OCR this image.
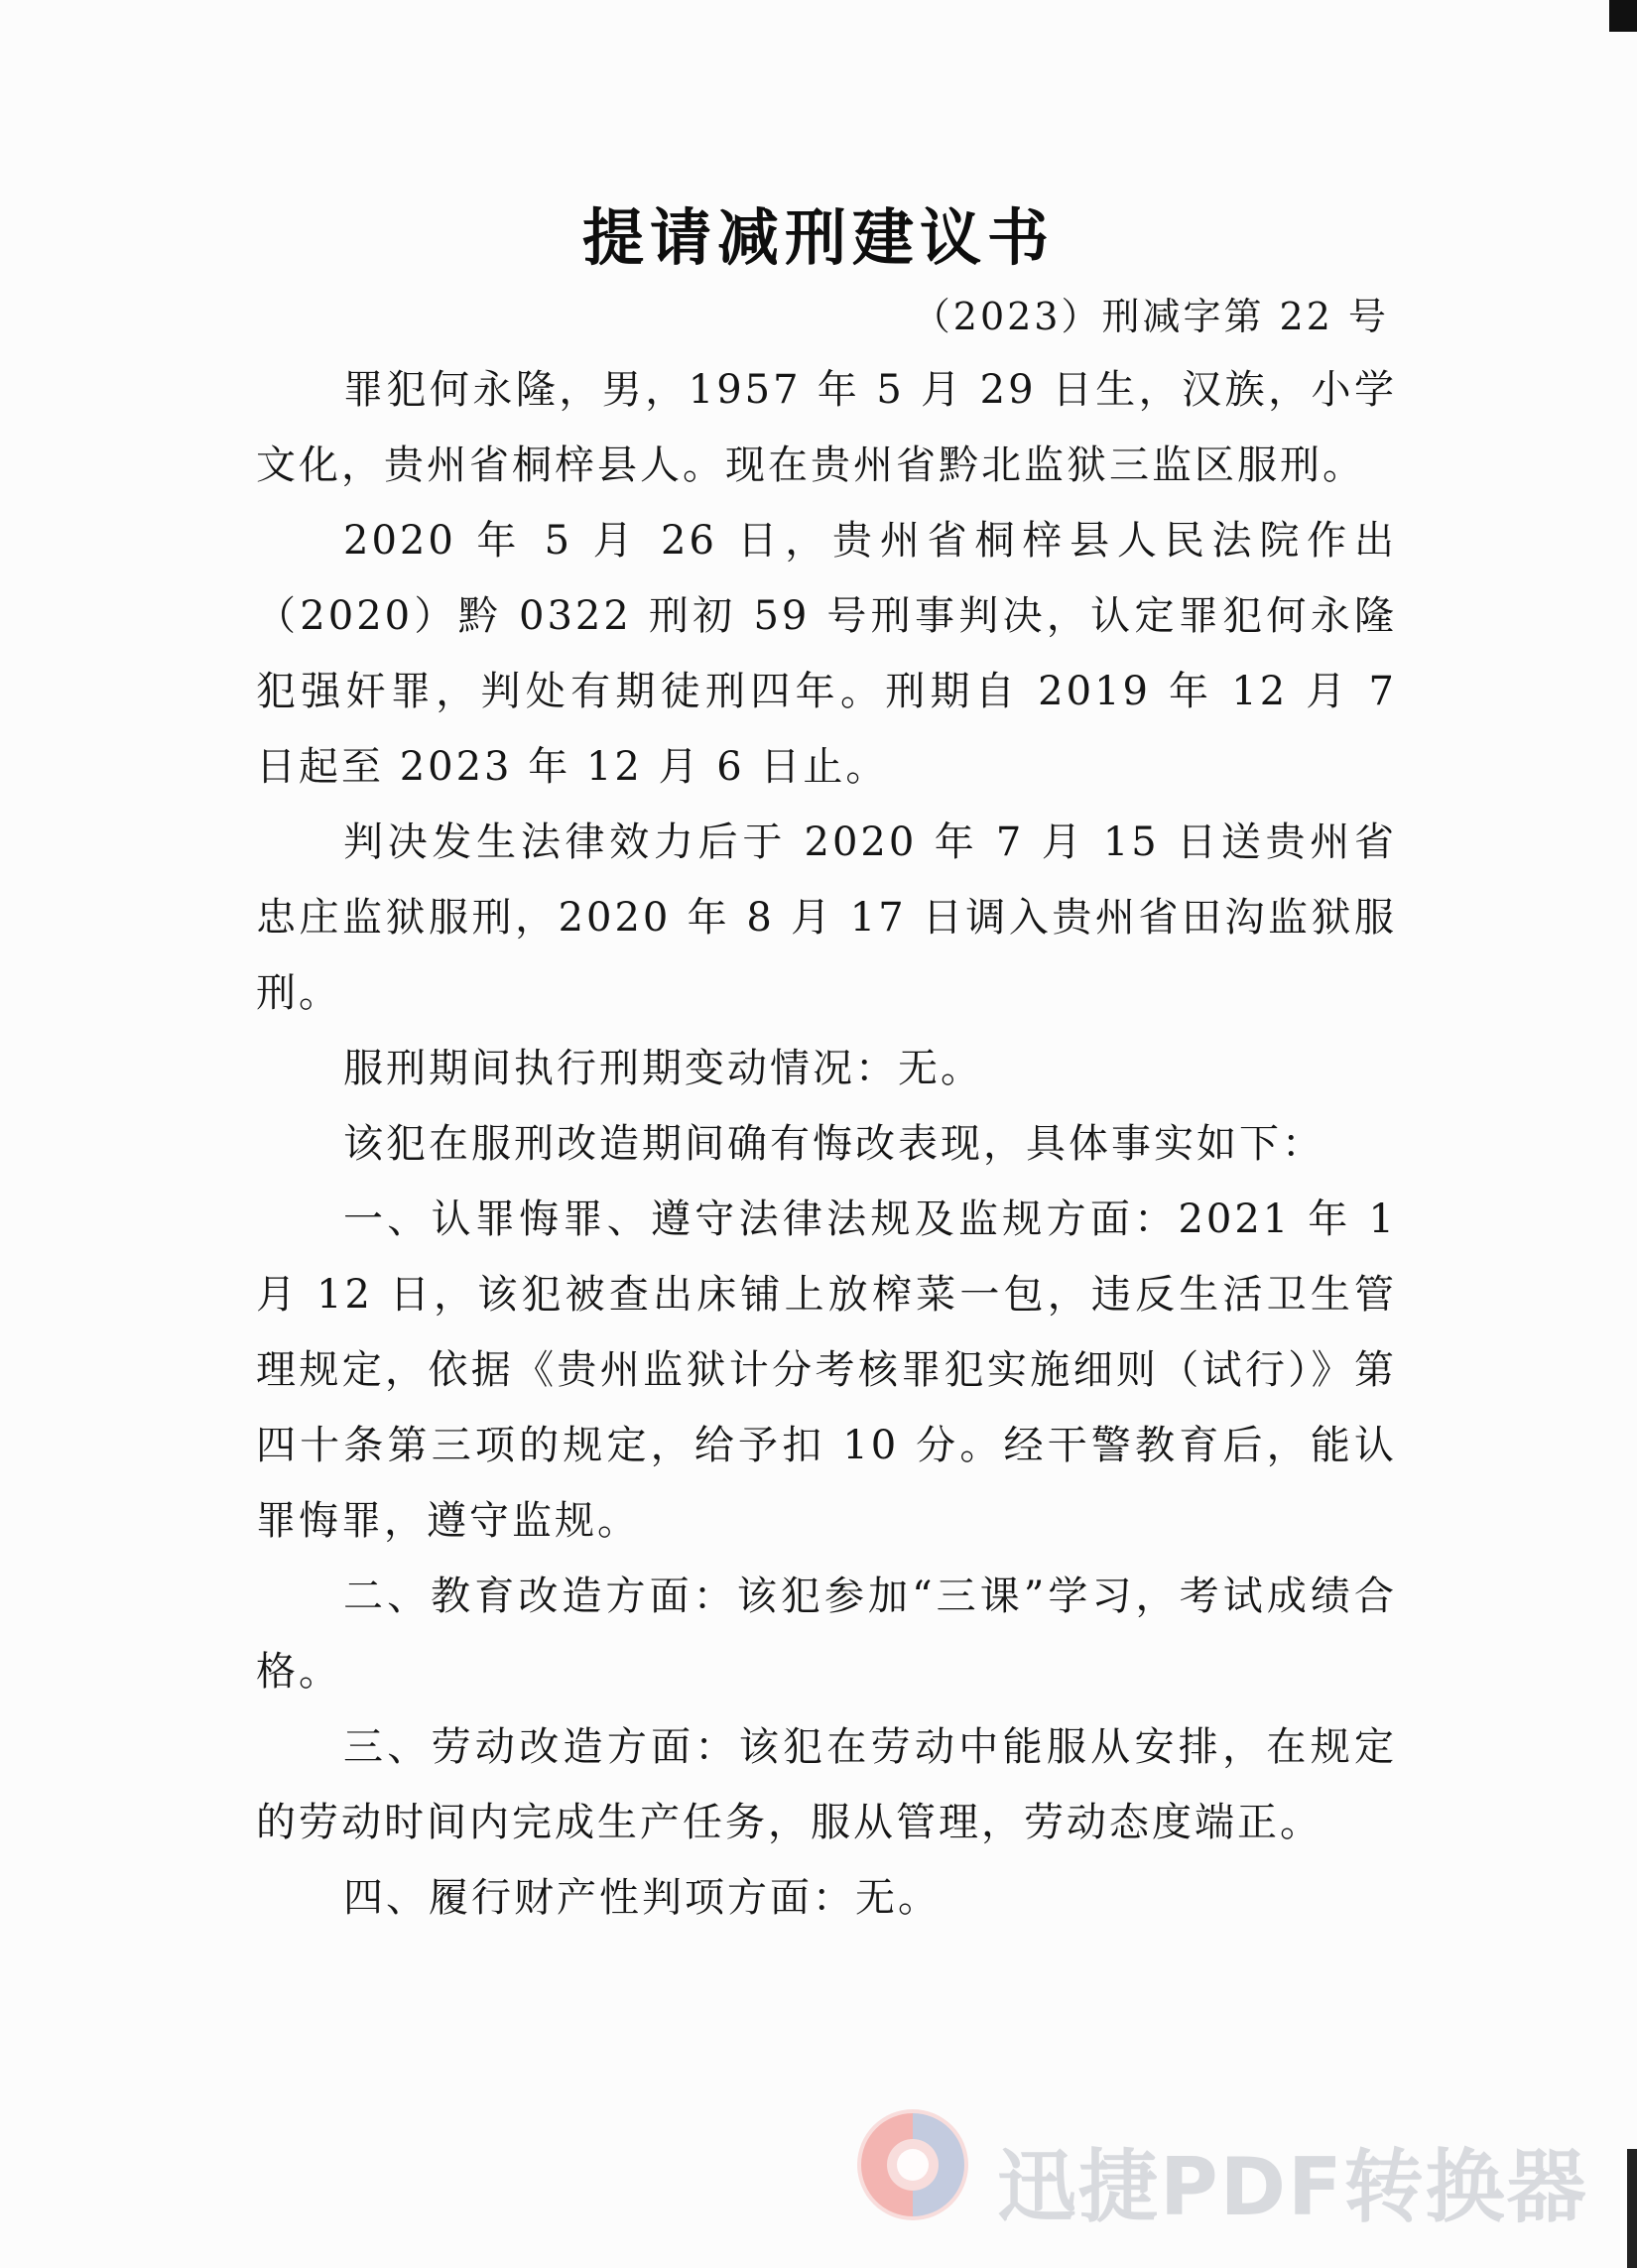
提请减刑建议书
（2023）刑减字第 22 号

罪犯何永隆，男，1957 年 5 月 29 日生，汉族，小学文化，贵州省桐梓县人。现在贵州省黔北监狱三监区服刑。

2020 年 5 月 26 日，贵州省桐梓县人民法院作出（2020）黔 0322 刑初 59 号刑事判决，认定罪犯何永隆犯强奸罪，判处有期徒刑四年。刑期自 2019 年 12 月 7 日起至 2023 年 12 月 6 日止。

判决发生法律效力后于 2020 年 7 月 15 日送贵州省忠庄监狱服刑，2020 年 8 月 17 日调入贵州省田沟监狱服刑。

服刑期间执行刑期变动情况：无。

该犯在服刑改造期间确有悔改表现，具体事实如下：

一、认罪悔罪、遵守法律法规及监规方面：2021 年 1 月 12 日，该犯被查出床铺上放榨菜一包，违反生活卫生管理规定，依据《贵州监狱计分考核罪犯实施细则（试行）》第四十条第三项的规定，给予扣 10 分。经干警教育后，能认罪悔罪，遵守监规。

二、教育改造方面：该犯参加“三课”学习，考试成绩合格。

三、劳动改造方面：该犯在劳动中能服从安排，在规定的劳动时间内完成生产任务，服从管理，劳动态度端正。

四、履行财产性判项方面：无。

迅捷PDF转换器
